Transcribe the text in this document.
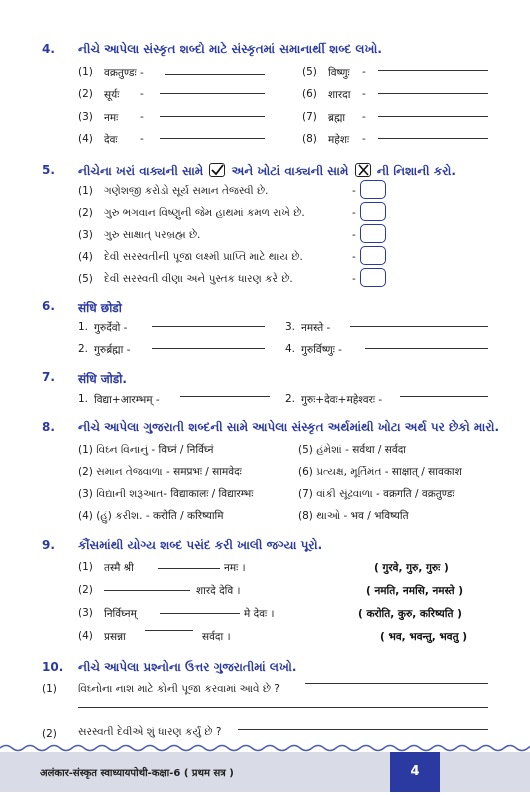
4. નીચે આપેલા સંસ્કૃત શબ્દો માટે સંસ્કૃતમાં સમાનાર્થી શબ્દ લખો.
(1) वक्रतुण्डः -	(5) विष्णुः -
(2) सूर्यः -	(6) शारदा -
(3) नमः -	(7) ब्रह्मा -
(4) देवः -	(8) महेशः -
5. નીચેના ખરાં વાક્યની સામે અને ખોટાં વાક્યની સામે ની નિશાની કરો.
(1) ગણેશજી કરોડો સૂર્ય સમાન તેજસ્વી છે.	-
(2) ગુરુ ભગવાન વિષ્ણુની જેમ હાથમાં કમળ રાખે છે.	-
(3) ગુરુ સાક્ષાત્ પરબ્રહ્મ છે.	-
(4) દેવી સરસ્વતીની પૂજા લક્ષ્મી પ્રાપ્તિ માટે થાય છે.	-
(5) દેવી સરસ્વતી વીણા અને પુસ્તક ધારણ કરે છે.	-
6. संधि छोडो
1. गुरुर्देवो -	3. नमस्ते -
2. गुरुर्ब्रह्मा -	4. गुरुर्विष्णुः -
7. संधि जोडो.
1. विद्या+आरम्भम् -	2. गुरुः+देवः+महेश्वरः -
8. નીચે આપેલા ગુજરાતી શબ્દની સામે આપેલા સંસ્કૃત અર્થમાંથી ખોટા અર્થ પર છેકો મારો.
(1) વિઘ્ન વિનાનું - विघ्नं / निर्विघ्नं	(5) હંમેશાં - सर्वथा / सर्वदा
(2) સમાન તેજવાળા - समप्रभः / सामवेदः	(6) પ્રત્યક્ષ, મૂર્તિમંત - साक्षात् / सावकाश
(3) વિદ્યાની શરૂઆત- विद्याकालः / विद्यारम्भः	(7) વાંકી સૂંઢવાળા - वक्रगति / वक्रतुण्डः
(4) (હું) કરીશ. - करोति / करिष्यामि	(8) થાઓ - भव / भविष्यति
9. કૌંસમાંથી યોગ્ય શબ્દ પસંદ કરી ખાલી જગ્યા પૂરો.
(1) तस्मै श्री	नमः ।	( गुरवे, गुरु, गुरुः )
(2)	शारदे देवि ।	( नमति, नमसि, नमस्ते )
(3) निर्विघ्नम्	मे देवः ।	( करोति, कुरु, करिष्यति )
(4) प्रसन्ना	सर्वदा ।	( भव, भवन्तु, भवतु )
10. નીચે આપેલા પ્રશ્નોના ઉત્તર ગુજરાતીમાં લખો.
(1) વિઘ્નોના નાશ માટે કોની પૂજા કરવામાં આવે છે ?
(2) સરસ્વતી દેવીએ શું ધારણ કર્યું છે ?
अलंकार-संस्कृत स्वाध्यायपोथी-कक्षा-6 ( प्रथम सत्र )	4
